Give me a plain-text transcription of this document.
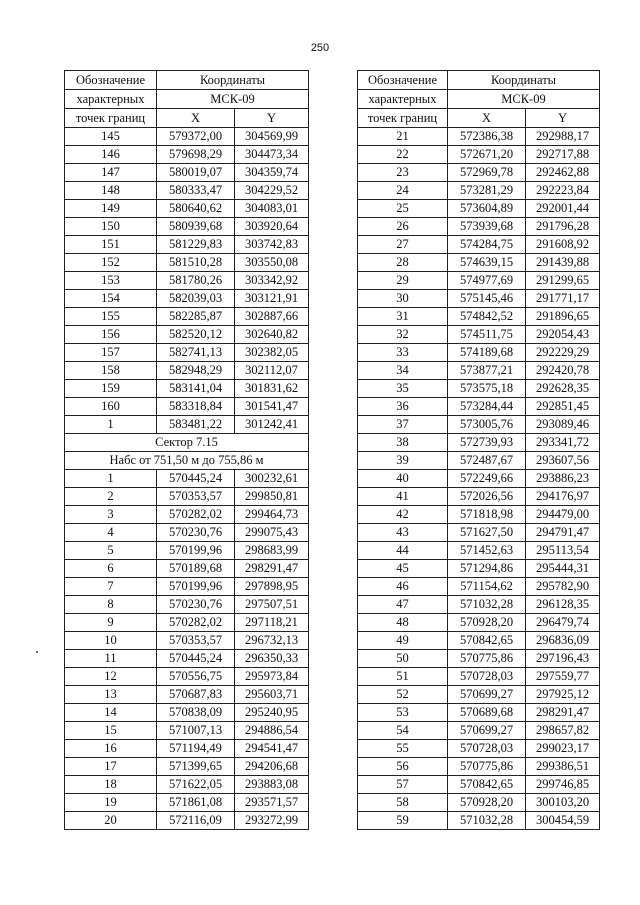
250
Обозначение	Координаты	
характерных	МСК-09	
точек границ	X	Y
145	579372,00	304569,99
146	579698,29	304473,34
147	580019,07	304359,74
148	580333,47	304229,52
149	580640,62	304083,01
150	580939,68	303920,64
151	581229,83	303742,83
152	581510,28	303550,08
153	581780,26	303342,92
154	582039,03	303121,91
155	582285,87	302887,66
156	582520,12	302640,82
157	582741,13	302382,05
158	582948,29	302112,07
159	583141,04	301831,62
160	583318,84	301541,47
1	583481,22	301242,41
Сектор 7.15		
Набс от 751,50 м до 755,86 м		
1	570445,24	300232,61
2	570353,57	299850,81
3	570282,02	299464,73
4	570230,76	299075,43
5	570199,96	298683,99
6	570189,68	298291,47
7	570199,96	297898,95
8	570230,76	297507,51
9	570282,02	297118,21
10	570353,57	296732,13
11	570445,24	296350,33
12	570556,75	295973,84
13	570687,83	295603,71
14	570838,09	295240,95
15	571007,13	294886,54
16	571194,49	294541,47
17	571399,65	294206,68
18	571622,05	293883,08
19	571861,08	293571,57
20	572116,09	293272,99
Обозначение	Координаты	
характерных	МСК-09	
точек границ	X	Y
21	572386,38	292988,17
22	572671,20	292717,88
23	572969,78	292462,88
24	573281,29	292223,84
25	573604,89	292001,44
26	573939,68	291796,28
27	574284,75	291608,92
28	574639,15	291439,88
29	574977,69	291299,65
30	575145,46	291771,17
31	574842,52	291896,65
32	574511,75	292054,43
33	574189,68	292229,29
34	573877,21	292420,78
35	573575,18	292628,35
36	573284,44	292851,45
37	573005,76	293089,46
38	572739,93	293341,72
39	572487,67	293607,56
40	572249,66	293886,23
41	572026,56	294176,97
42	571818,98	294479,00
43	571627,50	294791,47
44	571452,63	295113,54
45	571294,86	295444,31
46	571154,62	295782,90
47	571032,28	296128,35
48	570928,20	296479,74
49	570842,65	296836,09
50	570775,86	297196,43
51	570728,03	297559,77
52	570699,27	297925,12
53	570689,68	298291,47
54	570699,27	298657,82
55	570728,03	299023,17
56	570775,86	299386,51
57	570842,65	299746,85
58	570928,20	300103,20
59	571032,28	300454,59
